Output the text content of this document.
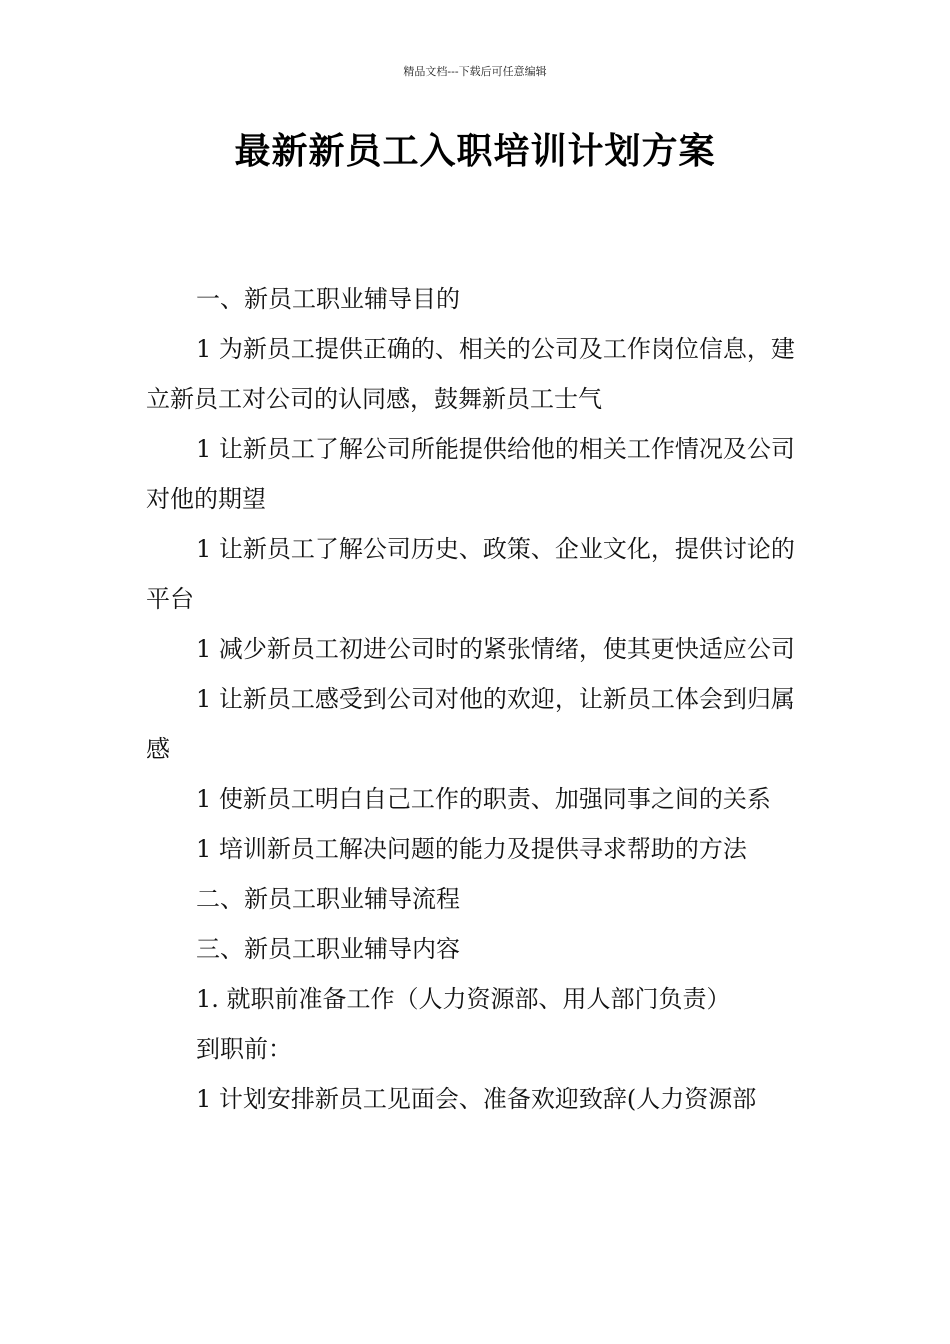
精品文档---下载后可任意编辑
最新新员工入职培训计划方案

一、新员工职业辅导目的

1 为新员工提供正确的、相关的公司及工作岗位信息，建立新员工对公司的认同感，鼓舞新员工士气

1 让新员工了解公司所能提供给他的相关工作情况及公司对他的期望

1 让新员工了解公司历史、政策、企业文化，提供讨论的平台

1 减少新员工初进公司时的紧张情绪，使其更快适应公司

1 让新员工感受到公司对他的欢迎，让新员工体会到归属感

1 使新员工明白自己工作的职责、加强同事之间的关系

1 培训新员工解决问题的能力及提供寻求帮助的方法

二、新员工职业辅导流程

三、新员工职业辅导内容

1. 就职前准备工作（人力资源部、用人部门负责）

到职前：

1 计划安排新员工见面会、准备欢迎致辞(人力资源部
